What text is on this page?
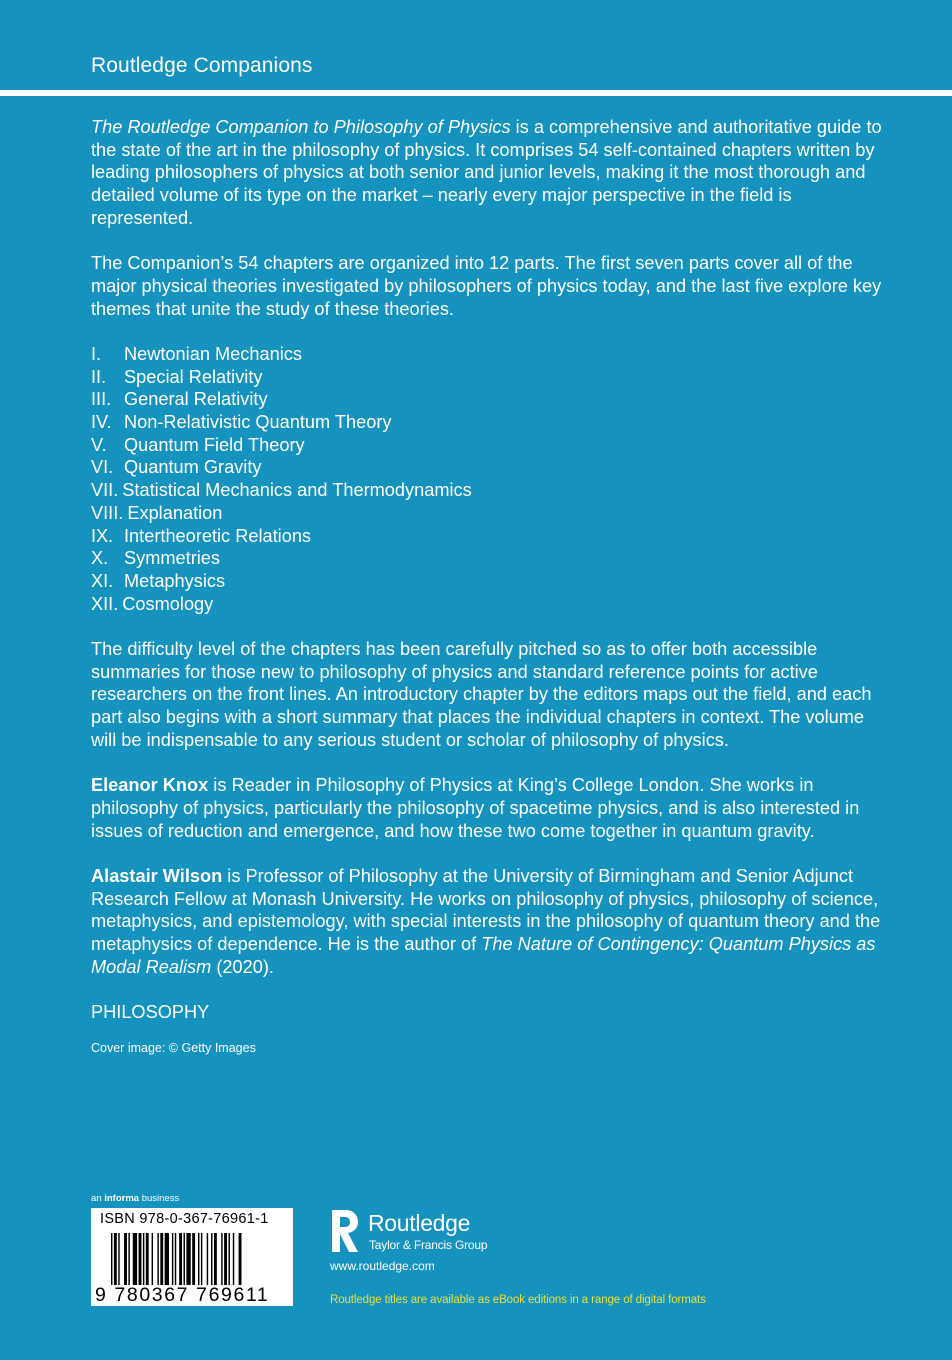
Routledge Companions

The Routledge Companion to Philosophy of Physics is a comprehensive and authoritative guide to the state of the art in the philosophy of physics. It comprises 54 self-contained chapters written by leading philosophers of physics at both senior and junior levels, making it the most thorough and detailed volume of its type on the market – nearly every major perspective in the field is represented.

The Companion’s 54 chapters are organized into 12 parts. The first seven parts cover all of the major physical theories investigated by philosophers of physics today, and the last five explore key themes that unite the study of these theories.

I.	Newtonian Mechanics
II. Special Relativity
III. General Relativity
IV. Non-Relativistic Quantum Theory
V. Quantum Field Theory
VI. Quantum Gravity
VII. Statistical Mechanics and Thermodynamics
VIII. Explanation
IX. Intertheoretic Relations
X. Symmetries
XI. Metaphysics
XII. Cosmology

The difficulty level of the chapters has been carefully pitched so as to offer both accessible summaries for those new to philosophy of physics and standard reference points for active researchers on the front lines. An introductory chapter by the editors maps out the field, and each part also begins with a short summary that places the individual chapters in context. The volume will be indispensable to any serious student or scholar of philosophy of physics.

Eleanor Knox is Reader in Philosophy of Physics at King’s College London. She works in philosophy of physics, particularly the philosophy of spacetime physics, and is also interested in issues of reduction and emergence, and how these two come together in quantum gravity.

Alastair Wilson is Professor of Philosophy at the University of Birmingham and Senior Adjunct Research Fellow at Monash University. He works on philosophy of physics, philosophy of science, metaphysics, and epistemology, with special interests in the philosophy of quantum theory and the metaphysics of dependence. He is the author of The Nature of Contingency: Quantum Physics as Modal Realism (2020).

PHILOSOPHY
Cover image: © Getty Images
an informa business
ISBN 978-0-367-76961-1
9 780367 769611
Routledge
Taylor & Francis Group
www.routledge.com
Routledge titles are available as eBook editions in a range of digital formats
